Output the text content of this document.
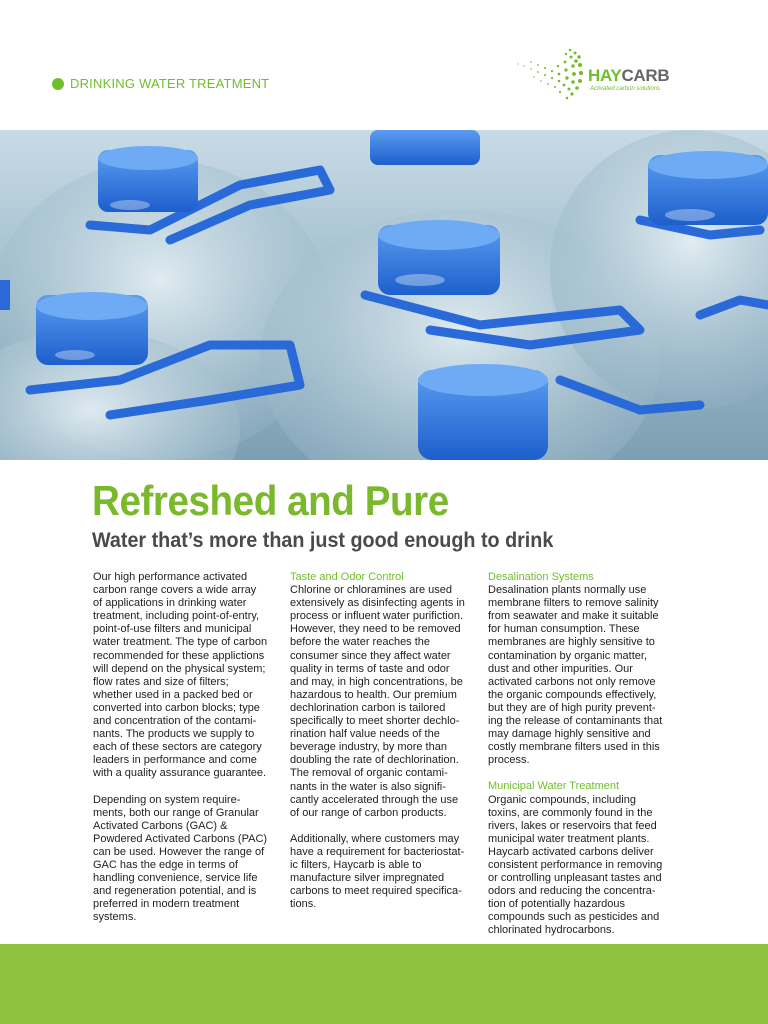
DRINKING WATER TREATMENT	HAYCARB
Activated carbon solutions
Refreshed and Pure
Water that’s more than just good enough to drink

Our high performance activated
carbon range covers a wide array
of applications in drinking water
treatment, including point-of-entry,
point-of-use filters and municipal
water treatment. The type of carbon
recommended for these applictions
will depend on the physical system;
flow rates and size of filters;
whether used in a packed bed or
converted into carbon blocks; type
and concentration of the contami-
nants. The products we supply to
each of these sectors are category
leaders in performance and come
with a quality assurance guarantee.

Depending on system require-
ments, both our range of Granular
Activated Carbons (GAC) &
Powdered Activated Carbons (PAC)
can be used. However the range of
GAC has the edge in terms of
handling convenience, service life
and regeneration potential, and is
preferred in modern treatment
systems.

Taste and Odor Control

Chlorine or chloramines are used
extensively as disinfecting agents in
process or influent water purifiction.
However, they need to be removed
before the water reaches the
consumer since they affect water
quality in terms of taste and odor
and may, in high concentrations, be
hazardous to health. Our premium
dechlorination carbon is tailored
specifically to meet shorter dechlo-
rination half value needs of the
beverage industry, by more than
doubling the rate of dechlorination.
The removal of organic contami-
nants in the water is also signifi-
cantly accelerated through the use
of our range of carbon products.

Additionally, where customers may
have a requirement for bacteriostat-
ic filters, Haycarb is able to
manufacture silver impregnated
carbons to meet required specifica-
tions.

Desalination Systems

Desalination plants normally use
membrane filters to remove salinity
from seawater and make it suitable
for human consumption. These
membranes are highly sensitive to
contamination by organic matter,
dust and other impurities. Our
activated carbons not only remove
the organic compounds effectively,
but they are of high purity prevent-
ing the release of contaminants that
may damage highly sensitive and
costly membrane filters used in this
process.

Municipal Water Treatment

Organic compounds, including
toxins, are commonly found in the
rivers, lakes or reservoirs that feed
municipal water treatment plants.
Haycarb activated carbons deliver
consistent performance in removing
or controlling unpleasant tastes and
odors and reducing the concentra-
tion of potentially hazardous
compounds such as pesticides and
chlorinated hydrocarbons.
